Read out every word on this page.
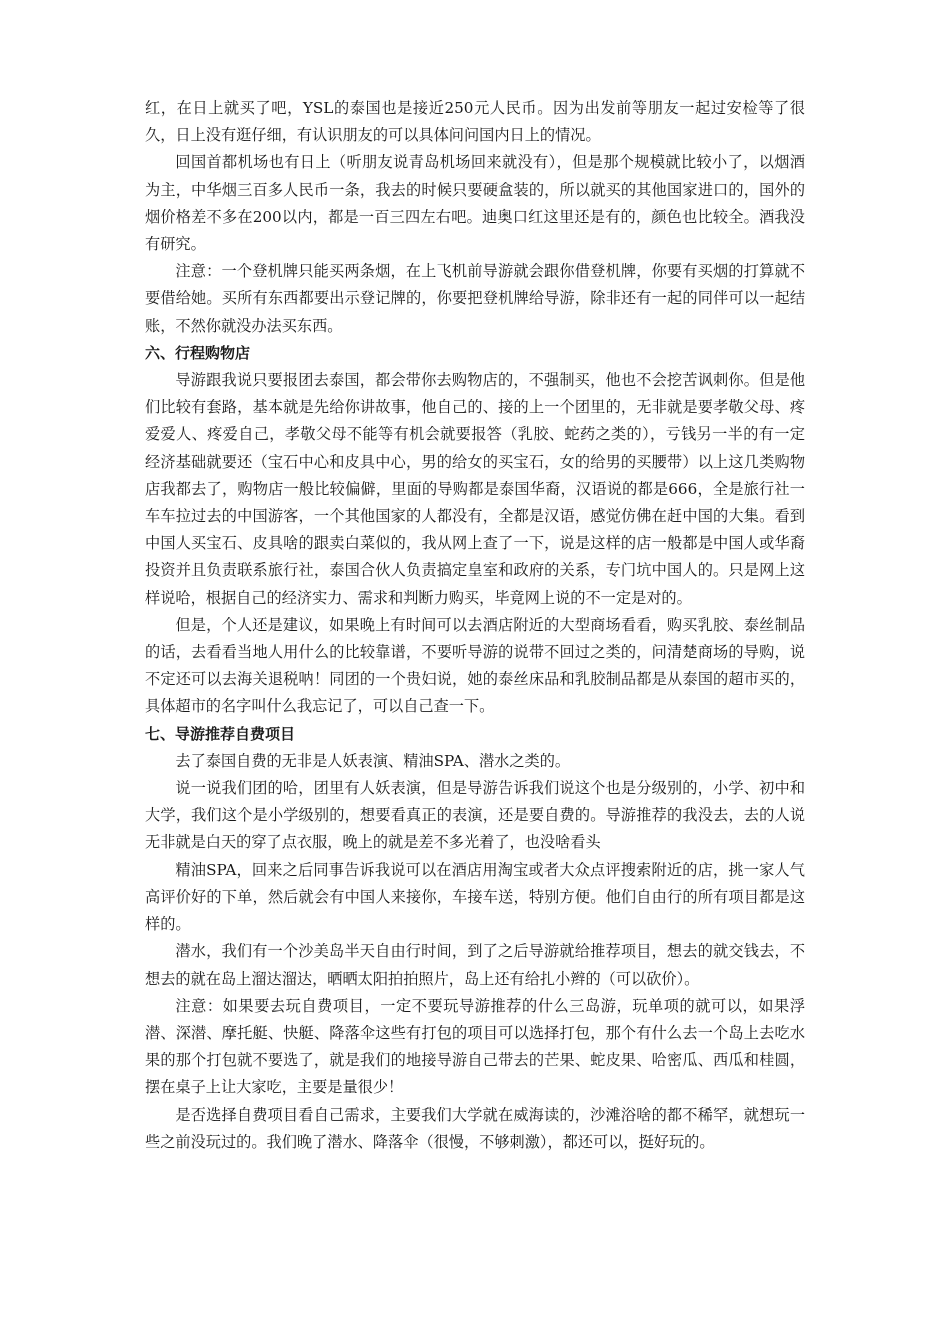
红，在日上就买了吧，YSL的泰国也是接近250元人民币。因为出发前等朋友一起过安检等了很久，日上没有逛仔细，有认识朋友的可以具体问问国内日上的情况。

回国首都机场也有日上（听朋友说青岛机场回来就没有），但是那个规模就比较小了，以烟酒为主，中华烟三百多人民币一条，我去的时候只要硬盒装的，所以就买的其他国家进口的，国外的烟价格差不多在200以内，都是一百三四左右吧。迪奥口红这里还是有的，颜色也比较全。酒我没有研究。

注意：一个登机牌只能买两条烟，在上飞机前导游就会跟你借登机牌，你要有买烟的打算就不要借给她。买所有东西都要出示登记牌的，你要把登机牌给导游，除非还有一起的同伴可以一起结账，不然你就没办法买东西。

六、行程购物店

导游跟我说只要报团去泰国，都会带你去购物店的，不强制买，他也不会挖苦讽刺你。但是他们比较有套路，基本就是先给你讲故事，他自己的、接的上一个团里的，无非就是要孝敬父母、疼爱爱人、疼爱自己，孝敬父母不能等有机会就要报答（乳胶、蛇药之类的），亏钱另一半的有一定经济基础就要还（宝石中心和皮具中心，男的给女的买宝石，女的给男的买腰带）以上这几类购物店我都去了，购物店一般比较偏僻，里面的导购都是泰国华裔，汉语说的都是666，全是旅行社一车车拉过去的中国游客，一个其他国家的人都没有，全都是汉语，感觉仿佛在赶中国的大集。看到中国人买宝石、皮具啥的跟卖白菜似的，我从网上查了一下，说是这样的店一般都是中国人或华裔投资并且负责联系旅行社，泰国合伙人负责搞定皇室和政府的关系，专门坑中国人的。只是网上这样说哈，根据自己的经济实力、需求和判断力购买，毕竟网上说的不一定是对的。

但是，个人还是建议，如果晚上有时间可以去酒店附近的大型商场看看，购买乳胶、泰丝制品的话，去看看当地人用什么的比较靠谱，不要听导游的说带不回过之类的，问清楚商场的导购，说不定还可以去海关退税呐！同团的一个贵妇说，她的泰丝床品和乳胶制品都是从泰国的超市买的，具体超市的名字叫什么我忘记了，可以自己查一下。

七、导游推荐自费项目

去了泰国自费的无非是人妖表演、精油SPA、潜水之类的。

说一说我们团的哈，团里有人妖表演，但是导游告诉我们说这个也是分级别的，小学、初中和大学，我们这个是小学级别的，想要看真正的表演，还是要自费的。导游推荐的我没去，去的人说无非就是白天的穿了点衣服，晚上的就是差不多光着了，也没啥看头

精油SPA，回来之后同事告诉我说可以在酒店用淘宝或者大众点评搜索附近的店，挑一家人气高评价好的下单，然后就会有中国人来接你，车接车送，特别方便。他们自由行的所有项目都是这样的。

潜水，我们有一个沙美岛半天自由行时间，到了之后导游就给推荐项目，想去的就交钱去，不想去的就在岛上溜达溜达，晒晒太阳拍拍照片，岛上还有给扎小辫的（可以砍价）。

注意：如果要去玩自费项目，一定不要玩导游推荐的什么三岛游，玩单项的就可以，如果浮潜、深潜、摩托艇、快艇、降落伞这些有打包的项目可以选择打包，那个有什么去一个岛上去吃水果的那个打包就不要选了，就是我们的地接导游自己带去的芒果、蛇皮果、哈密瓜、西瓜和桂圆，摆在桌子上让大家吃，主要是量很少！

是否选择自费项目看自己需求，主要我们大学就在威海读的，沙滩浴啥的都不稀罕，就想玩一些之前没玩过的。我们晚了潜水、降落伞（很慢，不够刺激），都还可以，挺好玩的。
